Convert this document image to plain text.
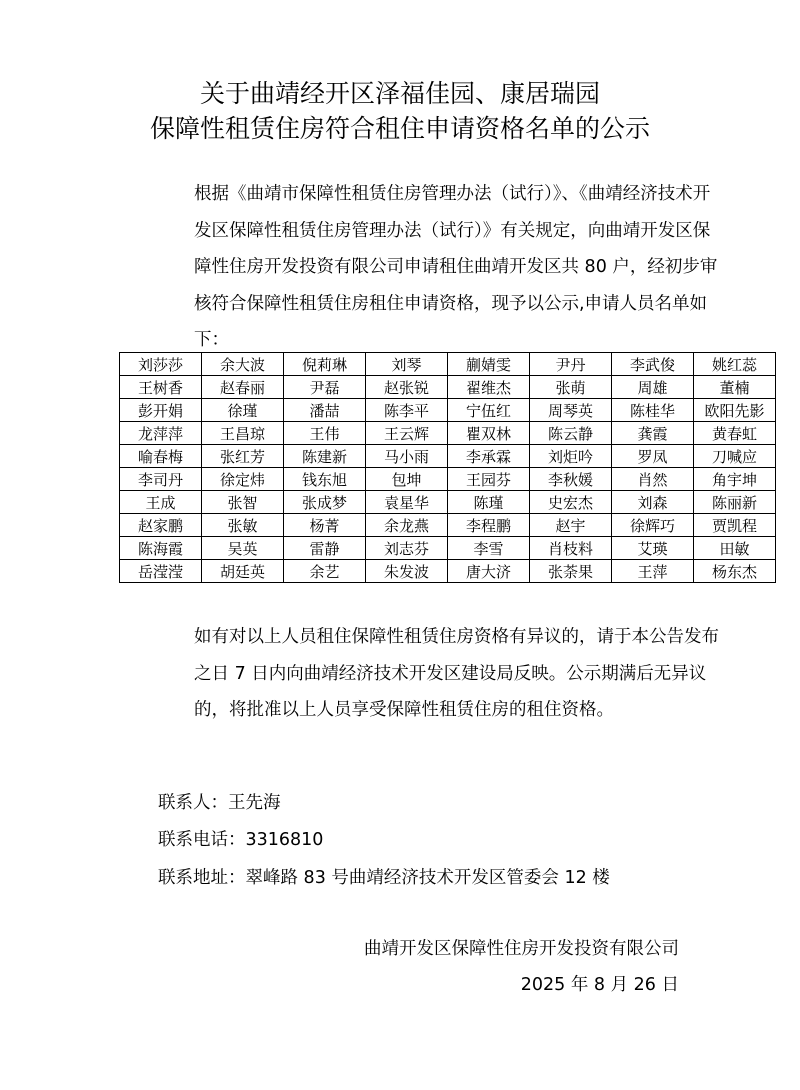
关于曲靖经开区泽福佳园、康居瑞园
保障性租赁住房符合租住申请资格名单的公示
根据《曲靖市保障性租赁住房管理办法（试行）》、《曲靖经济技术开发区保障性租赁住房管理办法（试行）》有关规定，向曲靖开发区保障性住房开发投资有限公司申请租住曲靖开发区共 80 户，经初步审核符合保障性租赁住房租住申请资格，现予以公示,申请人员名单如下：
刘莎莎	余大波	倪莉琳	刘琴	蒯婧雯	尹丹	李武俊	姚红蕊
王树香	赵春丽	尹磊	赵张锐	翟维杰	张萌	周雄	董楠
彭开娟	徐瑾	潘喆	陈李平	宁伍红	周琴英	陈桂华	欧阳先影
龙萍萍	王昌琼	王伟	王云辉	瞿双林	陈云静	龚霞	黄春虹
喻春梅	张红芳	陈建新	马小雨	李承霖	刘炬吟	罗凤	刀喊应
李司丹	徐定炜	钱东旭	包坤	王园芬	李秋媛	肖然	角宇坤
王成	张智	张成梦	袁星华	陈瑾	史宏杰	刘森	陈丽新
赵家鹏	张敏	杨菁	余龙燕	李程鹏	赵宇	徐辉巧	贾凯程
陈海霞	吴英	雷静	刘志芬	李雪	肖枝料	艾瑛	田敏
岳滢滢	胡廷英	余艺	朱发波	唐大济	张荼果	王萍	杨东杰
如有对以上人员租住保障性租赁住房资格有异议的，请于本公告发布之日 7 日内向曲靖经济技术开发区建设局反映。公示期满后无异议的，将批准以上人员享受保障性租赁住房的租住资格。
联系人：王先海
联系电话：3316810
联系地址：翠峰路 83 号曲靖经济技术开发区管委会 12 楼
曲靖开发区保障性住房开发投资有限公司
2025 年 8 月 26 日
